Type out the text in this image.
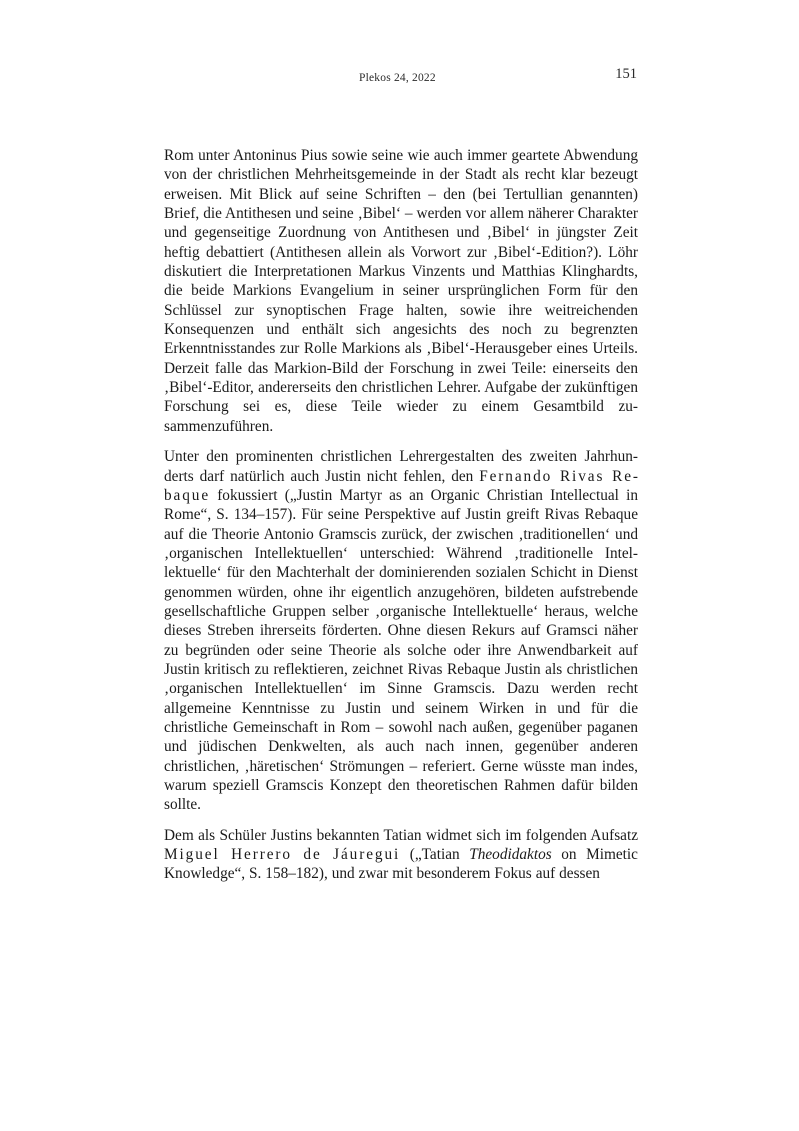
Plekos 24, 2022	151

Rom unter Antoninus Pius sowie seine wie auch immer geartete Abwendung von der christlichen Mehrheitsgemeinde in der Stadt als recht klar bezeugt erweisen. Mit Blick auf seine Schriften – den (bei Tertullian genannten) Brief, die Antithesen und seine ‚Bibel‘ – werden vor allem näherer Charakter und gegenseitige Zuordnung von Antithesen und ‚Bibel‘ in jüngster Zeit heftig debattiert (Antithesen allein als Vorwort zur ‚Bibel‘-Edition?). Löhr diskutiert die Interpretationen Markus Vinzents und Matthias Klinghardts, die beide Markions Evangelium in seiner ursprünglichen Form für den Schlüssel zur synoptischen Frage halten, sowie ihre weitreichenden Konsequenzen und enthält sich angesichts des noch zu begrenzten Erkenntnisstandes zur Rolle Markions als ‚Bibel‘-Herausgeber eines Urteils. Derzeit falle das Markion-Bild der Forschung in zwei Teile: einerseits den ‚Bibel‘-Editor, andererseits den christlichen Lehrer. Aufgabe der zukünftigen Forschung sei es, diese Teile wieder zu einem Gesamtbild zusammenzuführen.

Unter den prominenten christlichen Lehrergestalten des zweiten Jahrhunderts darf natürlich auch Justin nicht fehlen, den Fernando Rivas Rebaque fokussiert („Justin Martyr as an Organic Christian Intellectual in Rome“, S. 134–157). Für seine Perspektive auf Justin greift Rivas Rebaque auf die Theorie Antonio Gramscis zurück, der zwischen ‚traditionellen‘ und ‚organischen Intellektuellen‘ unterschied: Während ‚traditionelle Intellektuelle‘ für den Machterhalt der dominierenden sozialen Schicht in Dienst genommen würden, ohne ihr eigentlich anzugehören, bildeten aufstrebende gesellschaftliche Gruppen selber ‚organische Intellektuelle‘ heraus, welche dieses Streben ihrerseits förderten. Ohne diesen Rekurs auf Gramsci näher zu begründen oder seine Theorie als solche oder ihre Anwendbarkeit auf Justin kritisch zu reflektieren, zeichnet Rivas Rebaque Justin als christlichen ‚organischen Intellektuellen‘ im Sinne Gramscis. Dazu werden recht allgemeine Kenntnisse zu Justin und seinem Wirken in und für die christliche Gemeinschaft in Rom – sowohl nach außen, gegenüber paganen und jüdischen Denkwelten, als auch nach innen, gegenüber anderen christlichen, ‚häretischen‘ Strömungen – referiert. Gerne wüsste man indes, warum speziell Gramscis Konzept den theoretischen Rahmen dafür bilden sollte.

Dem als Schüler Justins bekannten Tatian widmet sich im folgenden Aufsatz Miguel Herrero de Jáuregui („Tatian Theodidaktos on Mimetic Knowledge“, S. 158–182), und zwar mit besonderem Fokus auf dessen
